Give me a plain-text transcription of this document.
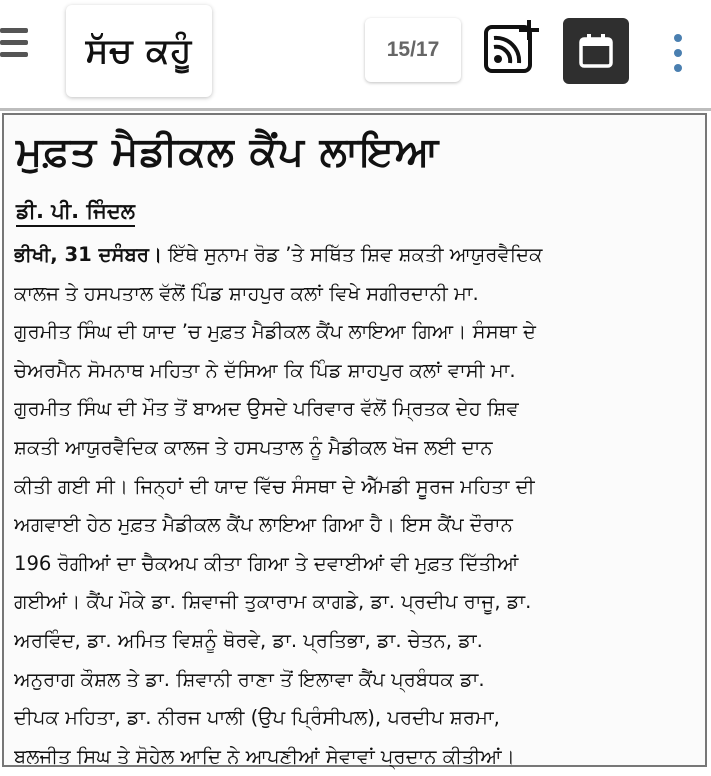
ਸੱਚ ਕਹੂੰ	15/17
ਮੁਫ਼ਤ ਮੈਡੀਕਲ ਕੈਂਪ ਲਾਇਆ
ਡੀ. ਪੀ. ਜਿੰਦਲ
ਭੀਖੀ, 31 ਦਸੰਬਰ। ਇੱਥੇ ਸੁਨਾਮ ਰੋਡ ’ਤੇ ਸਥਿੱਤ ਸ਼ਿਵ ਸ਼ਕਤੀ ਆਯੁਰਵੈਦਿਕ
ਕਾਲਜ ਤੇ ਹਸਪਤਾਲ ਵੱਲੋਂ ਪਿੰਡ ਸ਼ਾਹਪੁਰ ਕਲਾਂ ਵਿਖੇ ਸਗੀਰਦਾਨੀ ਮਾ.
ਗੁਰਮੀਤ ਸਿੰਘ ਦੀ ਯਾਦ ’ਚ ਮੁਫ਼ਤ ਮੈਡੀਕਲ ਕੈਂਪ ਲਾਇਆ ਗਿਆ। ਸੰਸਥਾ ਦੇ
ਚੇਅਰਮੈਨ ਸੋਮਨਾਥ ਮਹਿਤਾ ਨੇ ਦੱਸਿਆ ਕਿ ਪਿੰਡ ਸ਼ਾਹਪੁਰ ਕਲਾਂ ਵਾਸੀ ਮਾ.
ਗੁਰਮੀਤ ਸਿੰਘ ਦੀ ਮੌਤ ਤੋਂ ਬਾਅਦ ਉਸਦੇ ਪਰਿਵਾਰ ਵੱਲੋਂ ਮ੍ਰਿਤਕ ਦੇਹ ਸ਼ਿਵ
ਸ਼ਕਤੀ ਆਯੁਰਵੈਦਿਕ ਕਾਲਜ ਤੇ ਹਸਪਤਾਲ ਨੂੰ ਮੈਡੀਕਲ ਖੋਜ ਲਈ ਦਾਨ
ਕੀਤੀ ਗਈ ਸੀ। ਜਿਨ੍ਹਾਂ ਦੀ ਯਾਦ ਵਿੱਚ ਸੰਸਥਾ ਦੇ ਐੱਮਡੀ ਸੂਰਜ ਮਹਿਤਾ ਦੀ
ਅਗਵਾਈ ਹੇਠ ਮੁਫ਼ਤ ਮੈਡੀਕਲ ਕੈਂਪ ਲਾਇਆ ਗਿਆ ਹੈ। ਇਸ ਕੈਂਪ ਦੌਰਾਨ
196 ਰੋਗੀਆਂ ਦਾ ਚੈਕਅਪ ਕੀਤਾ ਗਿਆ ਤੇ ਦਵਾਈਆਂ ਵੀ ਮੁਫ਼ਤ ਦਿੱਤੀਆਂ
ਗਈਆਂ। ਕੈਂਪ ਮੌਕੇ ਡਾ. ਸ਼ਿਵਾਜੀ ਤੁਕਾਰਾਮ ਕਾਗਡੇ, ਡਾ. ਪ੍ਰਦੀਪ ਰਾਜੂ, ਡਾ.
ਅਰਵਿੰਦ, ਡਾ. ਅਮਿਤ ਵਿਸ਼ਨੂੰ ਥੋਰਵੇ, ਡਾ. ਪ੍ਰਤਿਭਾ, ਡਾ. ਚੇਤਨ, ਡਾ.
ਅਨੁਰਾਗ ਕੌਸ਼ਲ ਤੇ ਡਾ. ਸ਼ਿਵਾਨੀ ਰਾਣਾ ਤੋਂ ਇਲਾਵਾ ਕੈਂਪ ਪ੍ਰਬੰਧਕ ਡਾ.
ਦੀਪਕ ਮਹਿਤਾ, ਡਾ. ਨੀਰਜ ਪਾਲੀ (ਉਪ ਪ੍ਰਿੰਸੀਪਲ), ਪਰਦੀਪ ਸ਼ਰਮਾ,
ਬਲਜੀਤ ਸਿਘ ਤੇ ਸੋਹੇਲ ਆਦਿ ਨੇ ਆਪਣੀਆਂ ਸੇਵਾਵਾਂ ਪ੍ਰਦਾਨ ਕੀਤੀਆਂ।
